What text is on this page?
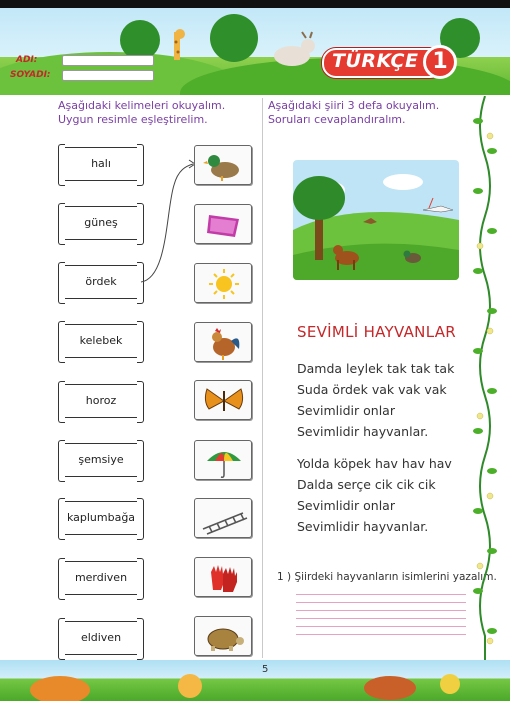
ADI:
SOYADI:
TÜRKÇE 1
Aşağıdaki kelimeleri okuyalım.
Uygun resimle eşleştirelim.
Aşağıdaki şiiri 3 defa okuyalım.
Soruları cevaplandıralım.
halı
güneş
ördek
kelebek
horoz
şemsiye
kaplumbağa
merdiven
eldiven
SEVİMLİ HAYVANLAR
Damda leylek tak tak tak
Suda ördek vak vak vak
Sevimlidir onlar
Sevimlidir hayvanlar.
Yolda köpek hav hav hav
Dalda serçe cik cik cik
Sevimlidir onlar
Sevimlidir hayvanlar.
1 ) Şiirdeki hayvanların isimlerini yazalım.
5
